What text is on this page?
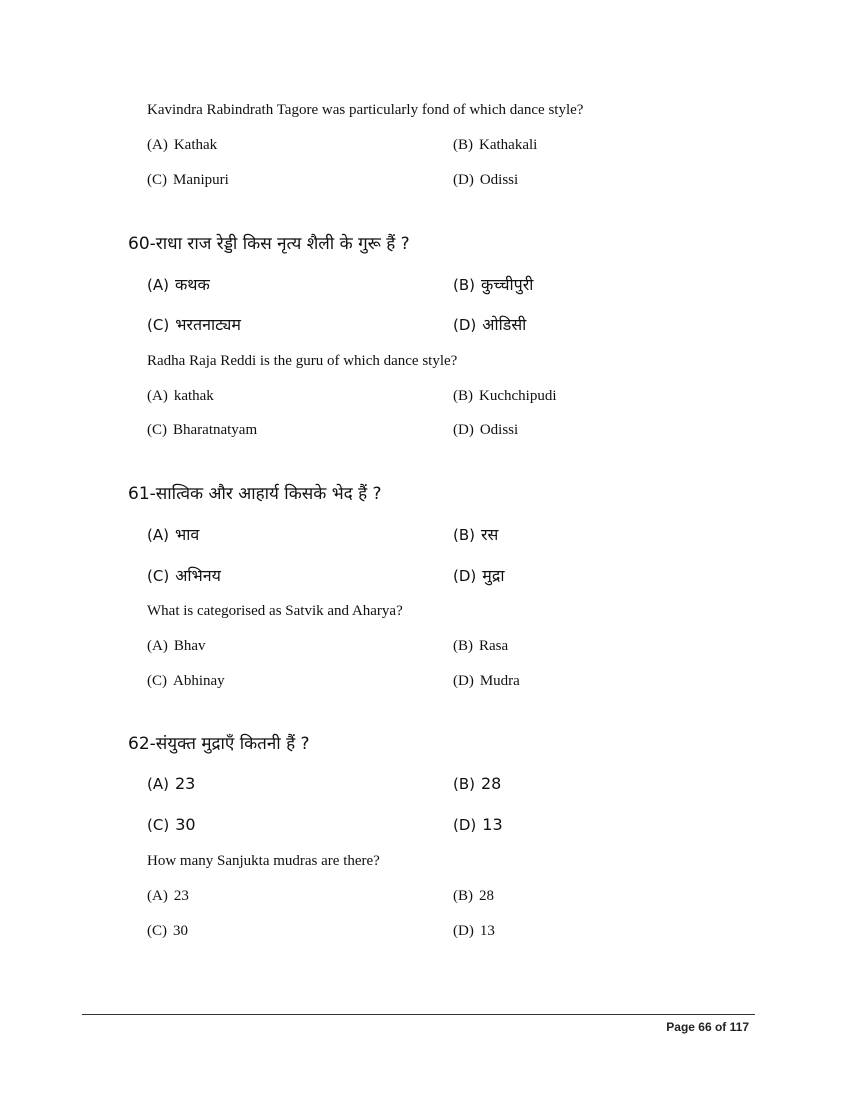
Kavindra Rabindrath Tagore was particularly fond of which dance style?
(A) Kathak	(B) Kathakali
(C) Manipuri	(D) Odissi
60-राधा राज रेड्डी किस नृत्य शैली के गुरू हैं ?
(A) कथक	(B) कुच्चीपुरी
(C) भरतनाट्यम	(D) ओडिसी
Radha Raja Reddi is the guru of which dance style?
(A) kathak	(B) Kuchchipudi
(C) Bharatnatyam	(D) Odissi
61-सात्विक और आहार्य किसके भेद हैं ?
(A) भाव	(B) रस
(C) अभिनय	(D) मुद्रा
What is categorised as Satvik and Aharya?
(A) Bhav	(B) Rasa
(C) Abhinay	(D) Mudra
62-संयुक्त मुद्राएँ कितनी हैं ?
(A) 23	(B) 28
(C) 30	(D) 13
How many Sanjukta mudras are there?
(A) 23	(B) 28
(C) 30	(D) 13
Page 66 of 117
